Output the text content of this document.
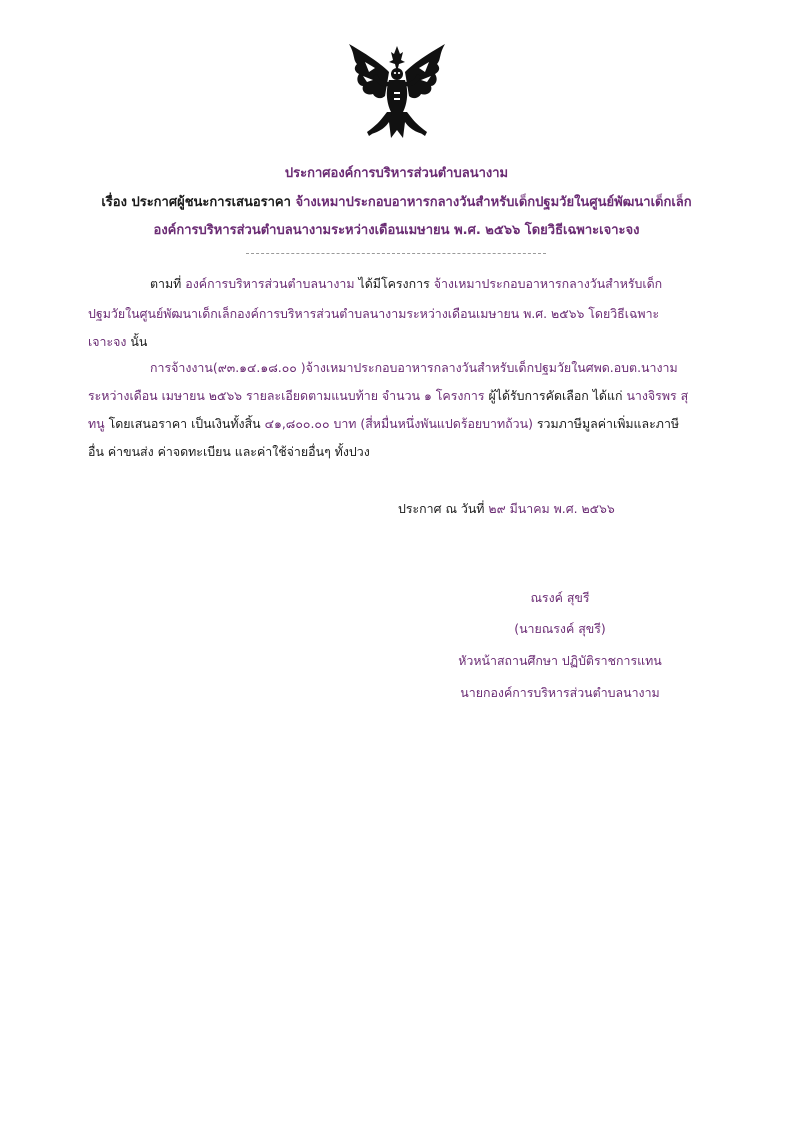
ประกาศองค์การบริหารส่วนตำบลนางาม
เรื่อง ประกาศผู้ชนะการเสนอราคา จ้างเหมาประกอบอาหารกลางวันสำหรับเด็กปฐมวัยในศูนย์พัฒนาเด็กเล็ก
องค์การบริหารส่วนตำบลนางามระหว่างเดือนเมษายน พ.ศ. ๒๕๖๖ โดยวิธีเฉพาะเจาะจง
ตามที่ องค์การบริหารส่วนตำบลนางาม ได้มีโครงการ จ้างเหมาประกอบอาหารกลางวันสำหรับเด็ก
ปฐมวัยในศูนย์พัฒนาเด็กเล็กองค์การบริหารส่วนตำบลนางามระหว่างเดือนเมษายน พ.ศ. ๒๕๖๖ โดยวิธีเฉพาะ
เจาะจง นั้น
การจ้างงาน(๙๓.๑๔.๑๘.๐๐ )จ้างเหมาประกอบอาหารกลางวันสำหรับเด็กปฐมวัยในศพด.อบต.นางาม
ระหว่างเดือน เมษายน ๒๕๖๖ รายละเอียดตามแนบท้าย จำนวน ๑ โครงการ ผู้ได้รับการคัดเลือก ได้แก่ นางจิรพร สุ
ทนู โดยเสนอราคา เป็นเงินทั้งสิ้น ๔๑,๘๐๐.๐๐ บาท (สี่หมื่นหนึ่งพันแปดร้อยบาทถ้วน) รวมภาษีมูลค่าเพิ่มและภาษี
อื่น ค่าขนส่ง ค่าจดทะเบียน และค่าใช้จ่ายอื่นๆ ทั้งปวง
ประกาศ ณ วันที่ ๒๙ มีนาคม พ.ศ. ๒๕๖๖
ณรงค์ สุขรี
(นายณรงค์ สุขรี)
หัวหน้าสถานศึกษา ปฏิบัติราชการแทน
นายกองค์การบริหารส่วนตำบลนางาม
